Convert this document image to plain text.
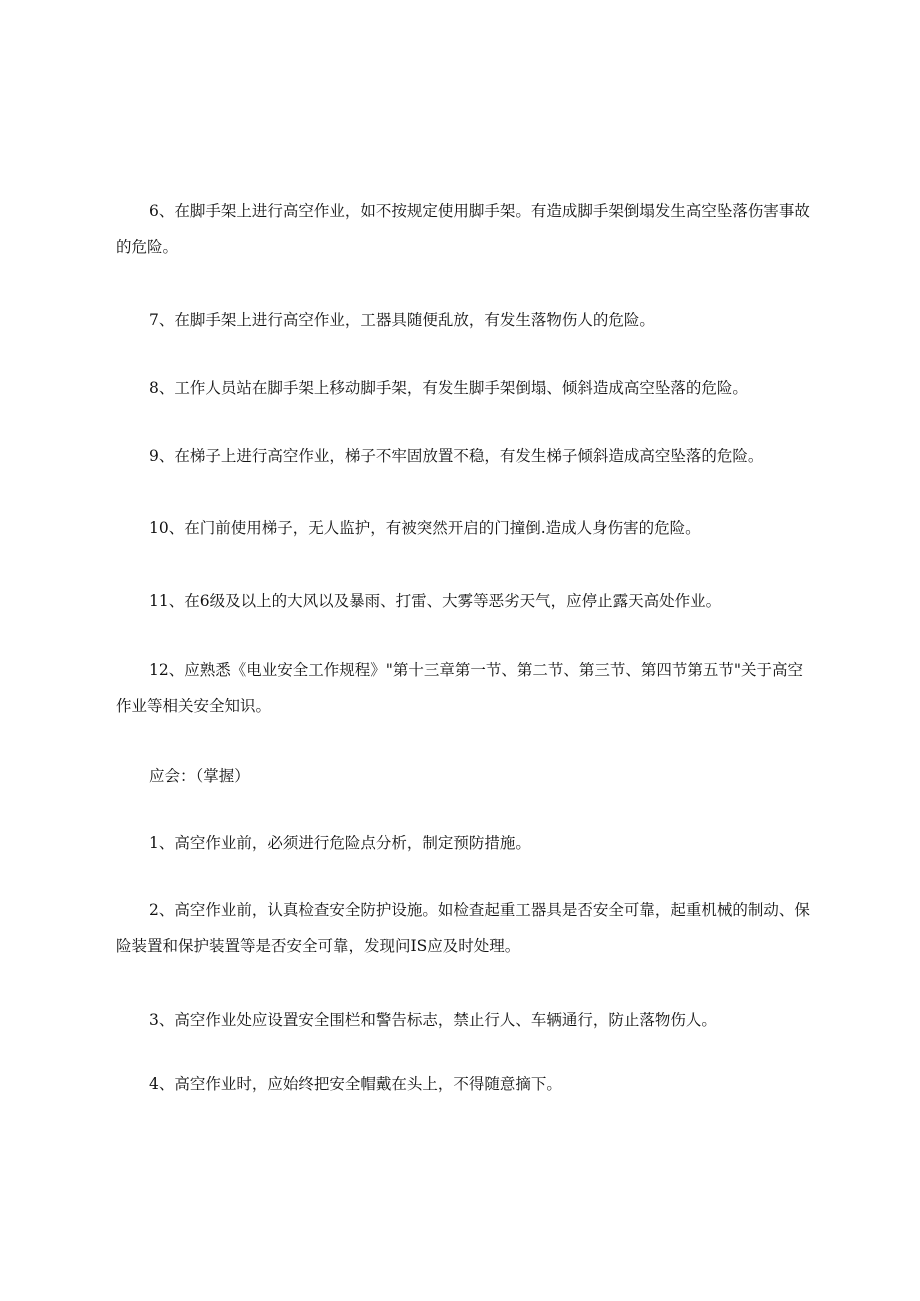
6、在脚手架上进行高空作业，如不按规定使用脚手架。有造成脚手架倒塌发生高空坠落伤害事故的危险。

7、在脚手架上进行高空作业，工器具随便乱放，有发生落物伤人的危险。

8、工作人员站在脚手架上移动脚手架，有发生脚手架倒塌、倾斜造成高空坠落的危险。

9、在梯子上进行高空作业，梯子不牢固放置不稳，有发生梯子倾斜造成高空坠落的危险。

10、在门前使用梯子，无人监护，有被突然开启的门撞倒.造成人身伤害的危险。

11、在6级及以上的大风以及暴雨、打雷、大雾等恶劣天气，应停止露天高处作业。

12、应熟悉《电业安全工作规程》"第十三章第一节、第二节、第三节、第四节第五节"关于高空作业等相关安全知识。

应会：（掌握）

1、高空作业前，必须进行危险点分析，制定预防措施。

2、高空作业前，认真检查安全防护设施。如检查起重工器具是否安全可靠，起重机械的制动、保险装置和保护装置等是否安全可靠，发现问IS应及时处理。

3、高空作业处应设置安全围栏和警告标志，禁止行人、车辆通行，防止落物伤人。

4、高空作业时，应始终把安全帽戴在头上，不得随意摘下。
